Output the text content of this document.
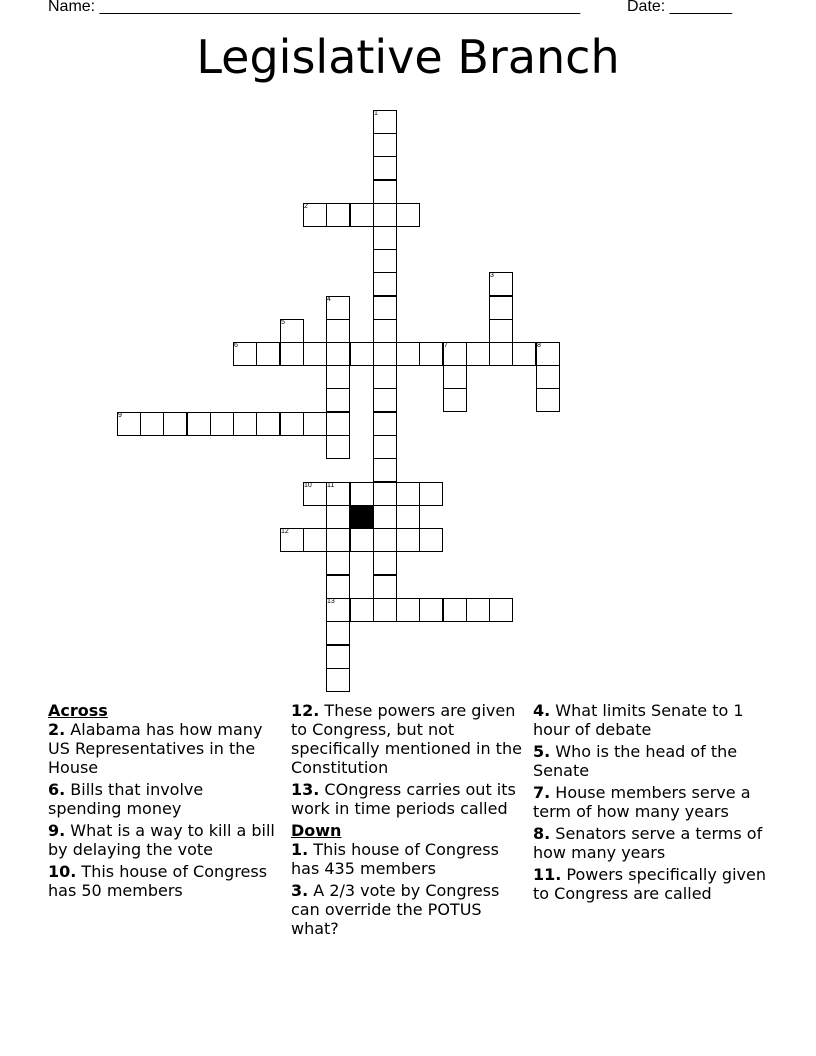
Name: ______________________________________________________	Date: _______
Legislative Branch
1
2
3
4
5
6	7	8
9
10 11
12
13
Across
2. Alabama has how many US Representatives in the House
6. Bills that involve spending money
9. What is a way to kill a bill by delaying the vote
10. This house of Congress has 50 members
12. These powers are given to Congress, but not specifically mentioned in the Constitution
13. COngress carries out its work in time periods called
Down
1. This house of Congress has 435 members
3. A 2/3 vote by Congress can override the POTUS what?
4. What limits Senate to 1 hour of debate
5. Who is the head of the Senate
7. House members serve a term of how many years
8. Senators serve a terms of how many years
11. Powers specifically given to Congress are called
